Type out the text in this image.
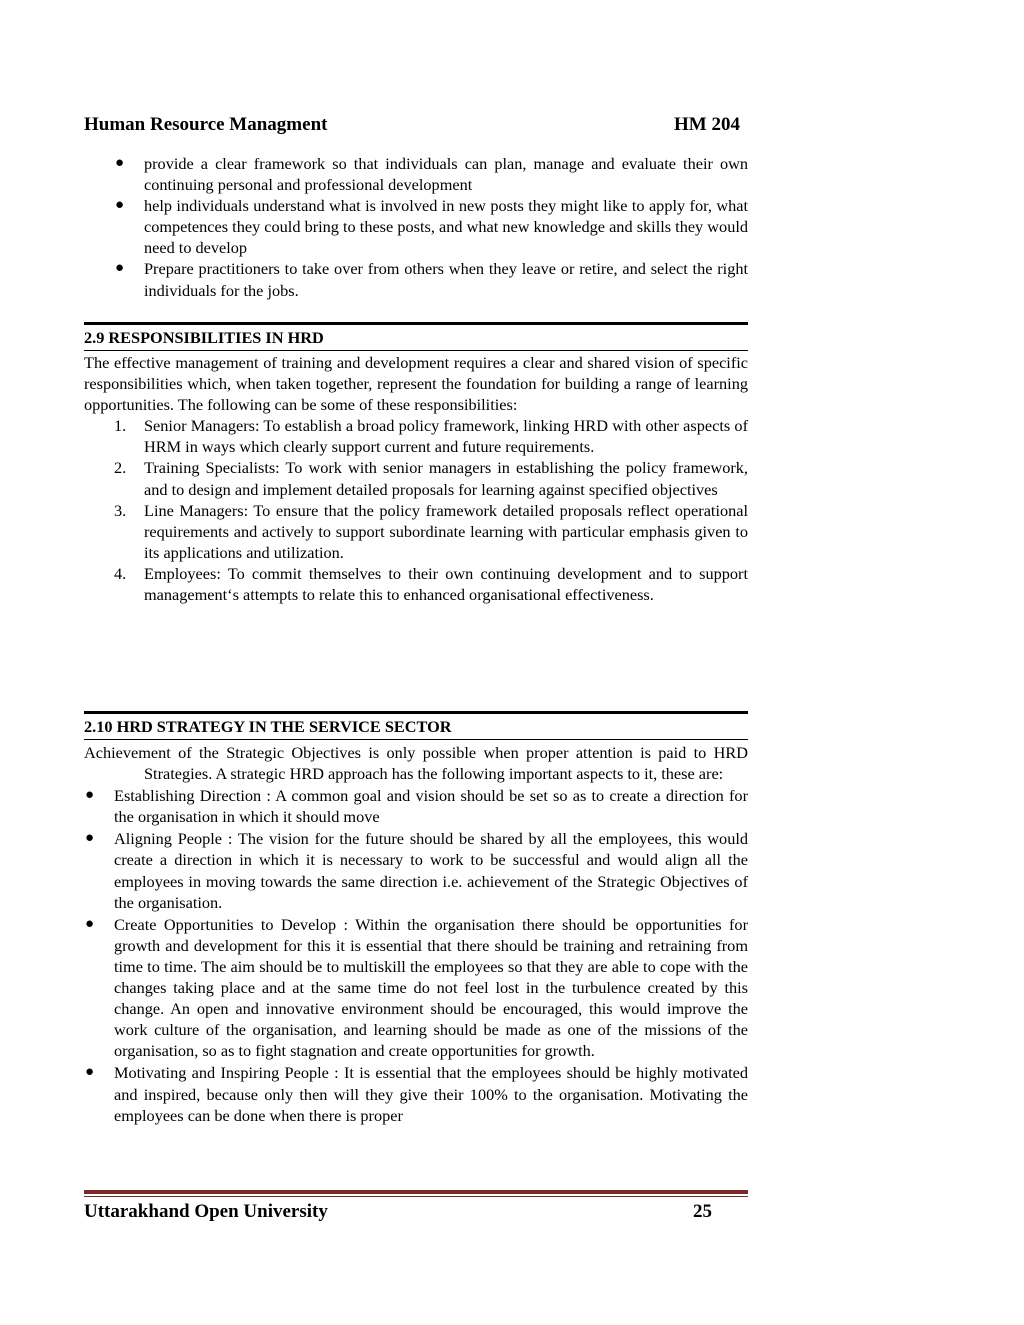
Human Resource Managment	HM 204
● provide a clear framework so that individuals can plan, manage and evaluate their own continuing personal and professional development
● help individuals understand what is involved in new posts they might like to apply for, what competences they could bring to these posts, and what new knowledge and skills they would need to develop
● Prepare practitioners to take over from others when they leave or retire, and select the right individuals for the jobs.
2.9 RESPONSIBILITIES IN HRD
The effective management of training and development requires a clear and shared vision of specific responsibilities which, when taken together, represent the foundation for building a range of learning opportunities. The following can be some of these responsibilities:
1. Senior Managers: To establish a broad policy framework, linking HRD with other aspects of HRM in ways which clearly support current and future requirements.
2. Training Specialists: To work with senior managers in establishing the policy framework, and to design and implement detailed proposals for learning against specified objectives
3. Line Managers: To ensure that the policy framework detailed proposals reflect operational requirements and actively to support subordinate learning with particular emphasis given to its applications and utilization.
4. Employees: To commit themselves to their own continuing development and to support management‘s attempts to relate this to enhanced organisational effectiveness.
2.10 HRD STRATEGY IN THE SERVICE SECTOR
Achievement of the Strategic Objectives is only possible when proper attention is paid to HRD Strategies. A strategic HRD approach has the following important aspects to it, these are:
● Establishing Direction : A common goal and vision should be set so as to create a direction for the organisation in which it should move
● Aligning People : The vision for the future should be shared by all the employees, this would create a direction in which it is necessary to work to be successful and would align all the employees in moving towards the same direction i.e. achievement of the Strategic Objectives of the organisation.
● Create Opportunities to Develop : Within the organisation there should be opportunities for growth and development for this it is essential that there should be training and retraining from time to time. The aim should be to multiskill the employees so that they are able to cope with the changes taking place and at the same time do not feel lost in the turbulence created by this change. An open and innovative environment should be encouraged, this would improve the work culture of the organisation, and learning should be made as one of the missions of the organisation, so as to fight stagnation and create opportunities for growth.
● Motivating and Inspiring People : It is essential that the employees should be highly motivated and inspired, because only then will they give their 100% to the organisation. Motivating the employees can be done when there is proper
Uttarakhand Open University	25
